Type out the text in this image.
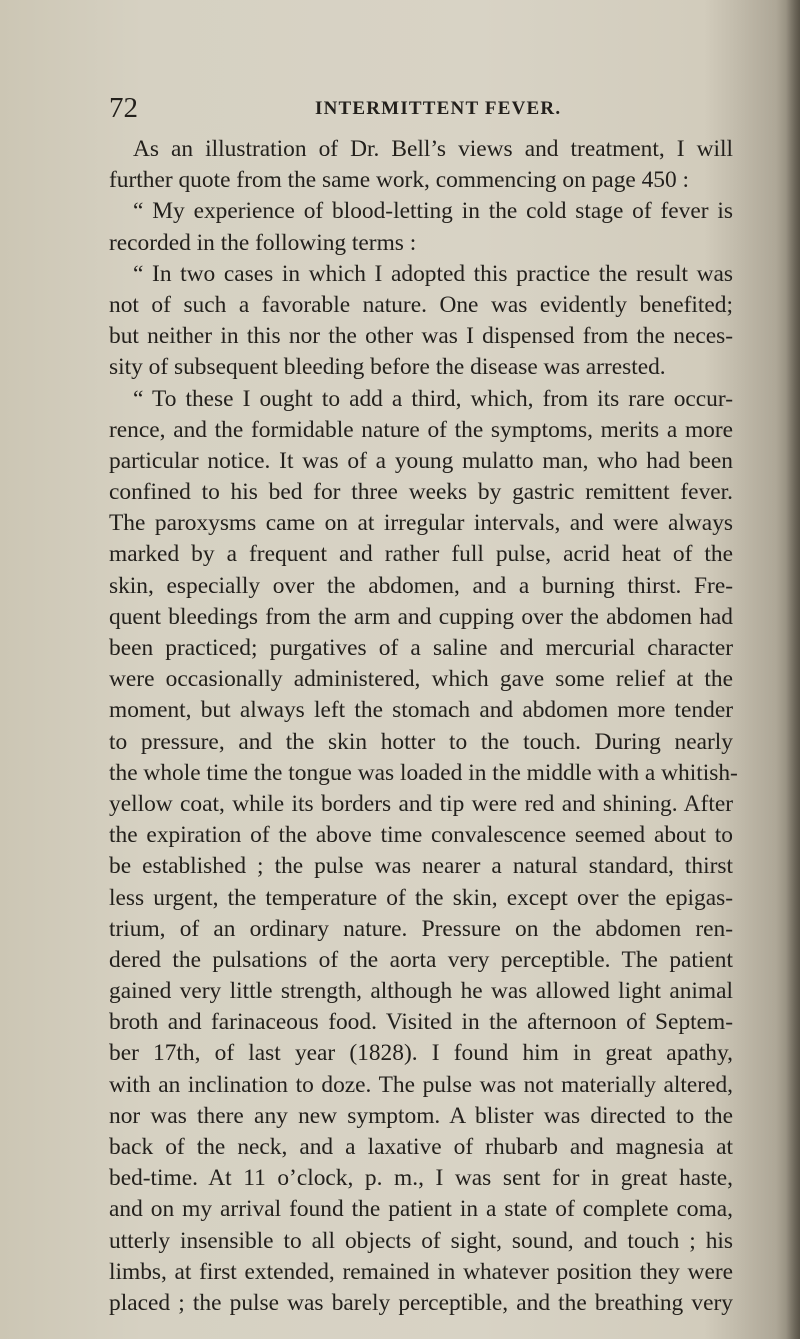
72	INTERMITTENT FEVER.
As an illustration of Dr. Bell’s views and treatment, I will
further quote from the same work, commencing on page 450 :
“ My experience of blood-letting in the cold stage of fever is
recorded in the following terms :
“ In two cases in which I adopted this practice the result was
not of such a favorable nature. One was evidently benefited;
but neither in this nor the other was I dispensed from the neces-
sity of subsequent bleeding before the disease was arrested.
“ To these I ought to add a third, which, from its rare occur-
rence, and the formidable nature of the symptoms, merits a more
particular notice. It was of a young mulatto man, who had been
confined to his bed for three weeks by gastric remittent fever.
The paroxysms came on at irregular intervals, and were always
marked by a frequent and rather full pulse, acrid heat of the
skin, especially over the abdomen, and a burning thirst. Fre-
quent bleedings from the arm and cupping over the abdomen had
been practiced; purgatives of a saline and mercurial character
were occasionally administered, which gave some relief at the
moment, but always left the stomach and abdomen more tender
to pressure, and the skin hotter to the touch. During nearly
the whole time the tongue was loaded in the middle with a whitish-
yellow coat, while its borders and tip were red and shining. After
the expiration of the above time convalescence seemed about to
be established ; the pulse was nearer a natural standard, thirst
less urgent, the temperature of the skin, except over the epigas-
trium, of an ordinary nature. Pressure on the abdomen ren-
dered the pulsations of the aorta very perceptible. The patient
gained very little strength, although he was allowed light animal
broth and farinaceous food. Visited in the afternoon of Septem-
ber 17th, of last year (1828). I found him in great apathy,
with an inclination to doze. The pulse was not materially altered,
nor was there any new symptom. A blister was directed to the
back of the neck, and a laxative of rhubarb and magnesia at
bed-time. At 11 o’clock, p. m., I was sent for in great haste,
and on my arrival found the patient in a state of complete coma,
utterly insensible to all objects of sight, sound, and touch ; his
limbs, at first extended, remained in whatever position they were
placed ; the pulse was barely perceptible, and the breathing very
